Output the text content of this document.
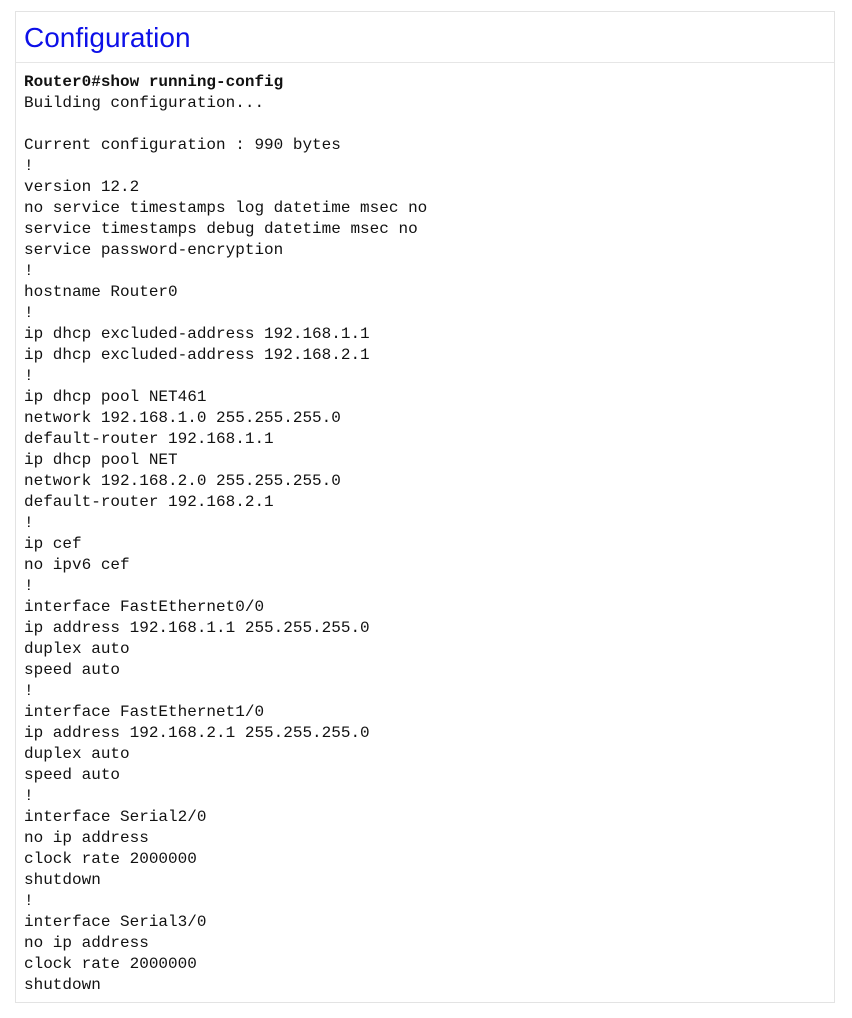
Configuration
Router0#show running-config
Building configuration...
Current configuration : 990 bytes
!
version 12.2
no service timestamps log datetime msec no
service timestamps debug datetime msec no
service password-encryption
!
hostname Router0
!
ip dhcp excluded-address 192.168.1.1
ip dhcp excluded-address 192.168.2.1
!
ip dhcp pool NET461
network 192.168.1.0 255.255.255.0
default-router 192.168.1.1
ip dhcp pool NET
network 192.168.2.0 255.255.255.0
default-router 192.168.2.1
!
ip cef
no ipv6 cef
!
interface FastEthernet0/0
ip address 192.168.1.1 255.255.255.0
duplex auto
speed auto
!
interface FastEthernet1/0
ip address 192.168.2.1 255.255.255.0
duplex auto
speed auto
!
interface Serial2/0
no ip address
clock rate 2000000
shutdown
!
interface Serial3/0
no ip address
clock rate 2000000
shutdown
